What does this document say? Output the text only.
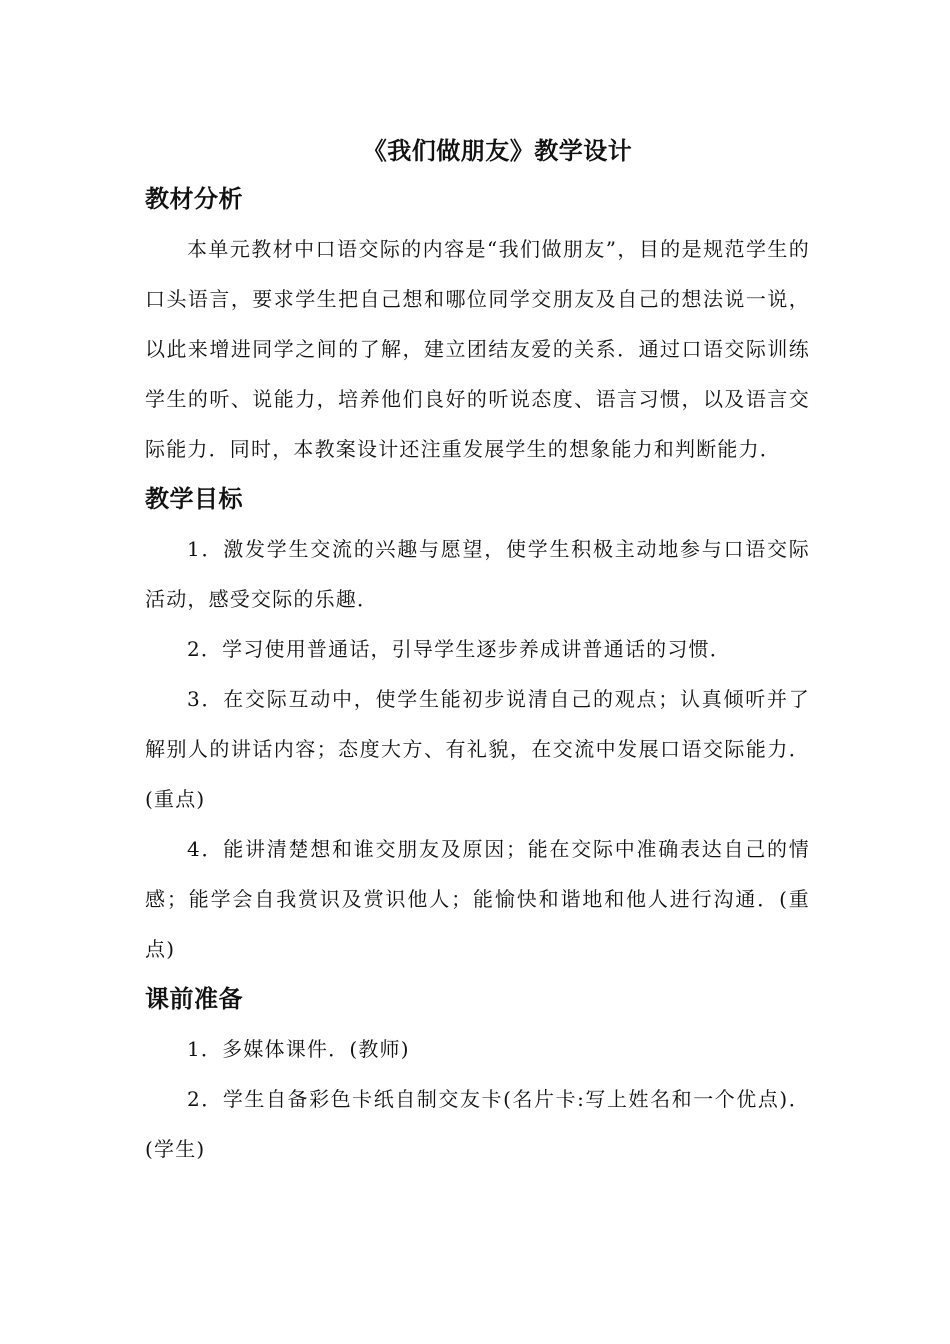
《我们做朋友》教学设计
教材分析

本单元教材中口语交际的内容是“我们做朋友”，目的是规范学生的口头语言，要求学生把自己想和哪位同学交朋友及自己的想法说一说，以此来增进同学之间的了解，建立团结友爱的关系．通过口语交际训练学生的听、说能力，培养他们良好的听说态度、语言习惯，以及语言交际能力．同时，本教案设计还注重发展学生的想象能力和判断能力．

教学目标

1．激发学生交流的兴趣与愿望，使学生积极主动地参与口语交际活动，感受交际的乐趣．

2．学习使用普通话，引导学生逐步养成讲普通话的习惯．

3．在交际互动中，使学生能初步说清自己的观点；认真倾听并了解别人的讲话内容；态度大方、有礼貌，在交流中发展口语交际能力．(重点)

4．能讲清楚想和谁交朋友及原因；能在交际中准确表达自己的情感；能学会自我赏识及赏识他人；能愉快和谐地和他人进行沟通．(重点)

课前准备

1．多媒体课件．(教师)

2．学生自备彩色卡纸自制交友卡(名片卡:写上姓名和一个优点)．(学生)
